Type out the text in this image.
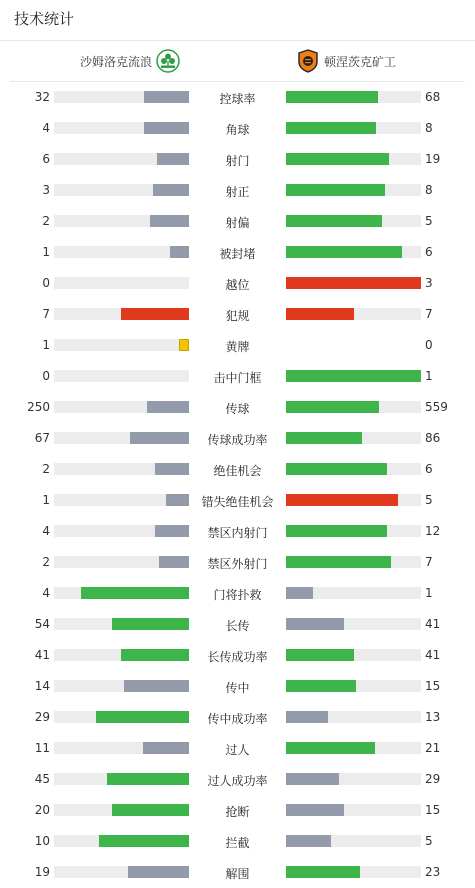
技术统计
沙姆洛克流浪	顿涅茨克矿工
32	控球率	68
4	角球	8
6	射门	19
3	射正	8
2	射偏	5
1	被封堵	6
0	越位	3
7	犯规	7
1	黄牌	0
0	击中门框	1
250	传球	559
67	传球成功率	86
2	绝佳机会	6
1	错失绝佳机会	5
4	禁区内射门	12
2	禁区外射门	7
4	门将扑救	1
54	长传	41
41	长传成功率	41
14	传中	15
29	传中成功率	13
11	过人	21
45	过人成功率	29
20	抢断	15
10	拦截	5
19	解围	23
